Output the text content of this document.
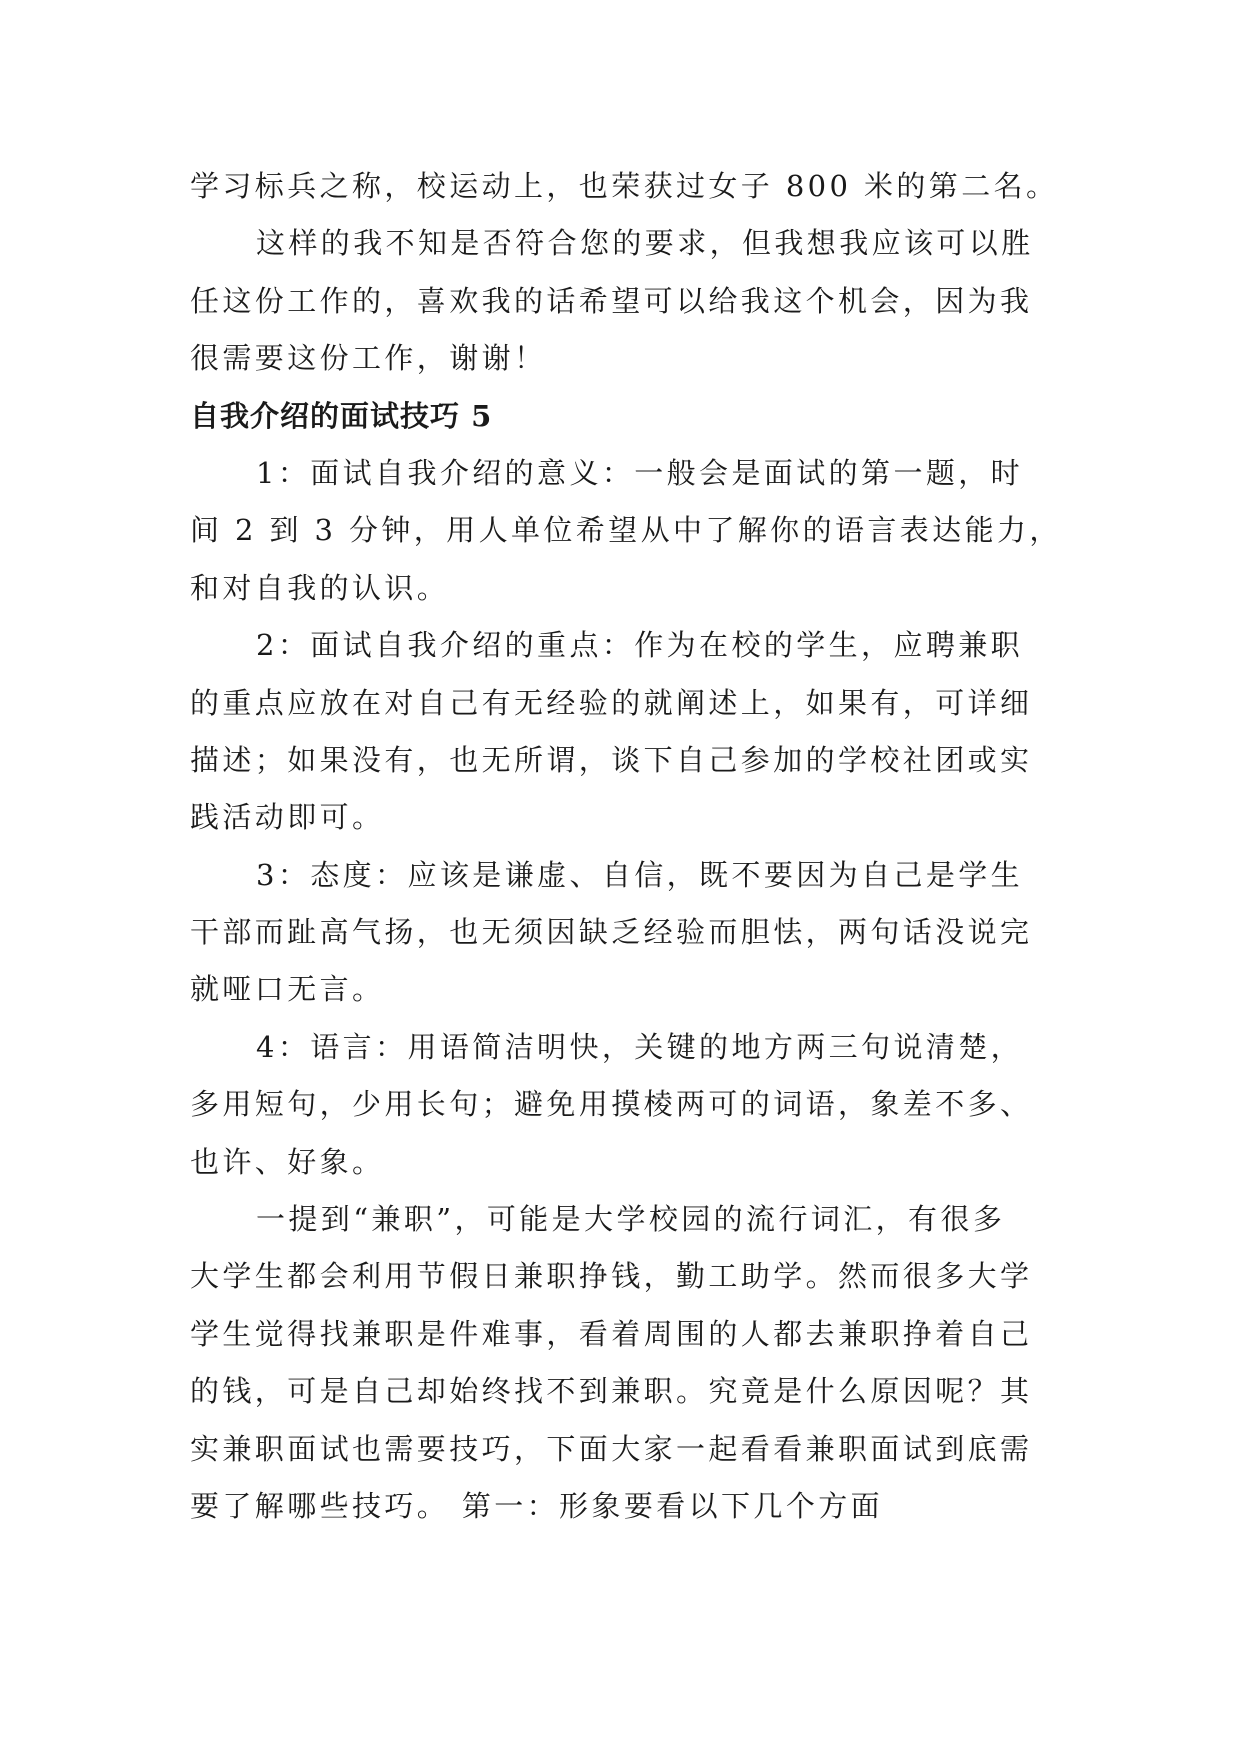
学习标兵之称，校运动上，也荣获过女子 800 米的第二名。

这样的我不知是否符合您的要求，但我想我应该可以胜
任这份工作的，喜欢我的话希望可以给我这个机会，因为我
很需要这份工作，谢谢！

自我介绍的面试技巧 5

1：面试自我介绍的意义：一般会是面试的第一题，时
间 2 到 3 分钟，用人单位希望从中了解你的语言表达能力，
和对自我的认识。

2：面试自我介绍的重点：作为在校的学生，应聘兼职
的重点应放在对自己有无经验的就阐述上，如果有，可详细
描述；如果没有，也无所谓，谈下自己参加的学校社团或实
践活动即可。

3：态度：应该是谦虚、自信，既不要因为自己是学生
干部而趾高气扬，也无须因缺乏经验而胆怯，两句话没说完
就哑口无言。

4：语言：用语简洁明快，关键的地方两三句说清楚，
多用短句，少用长句；避免用摸棱两可的词语，象差不多、
也许、好象。

一提到“兼职”，可能是大学校园的流行词汇，有很多
大学生都会利用节假日兼职挣钱，勤工助学。然而很多大学
学生觉得找兼职是件难事，看着周围的人都去兼职挣着自己
的钱，可是自己却始终找不到兼职。究竟是什么原因呢？其
实兼职面试也需要技巧，下面大家一起看看兼职面试到底需
要了解哪些技巧。 第一：形象要看以下几个方面
